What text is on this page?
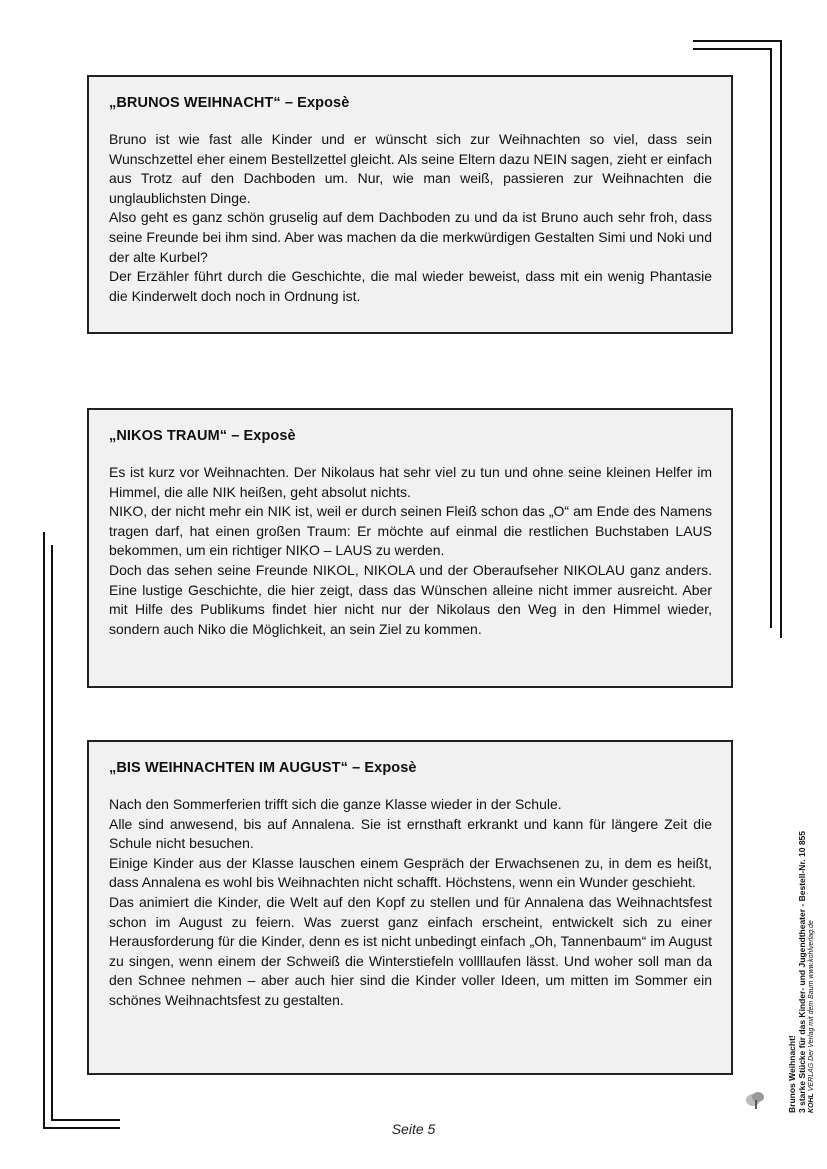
„BRUNOS WEIHNACHT“ – Exposè

Bruno ist wie fast alle Kinder und er wünscht sich zur Weihnachten so viel, dass sein Wunschzettel eher einem Bestellzettel gleicht. Als seine Eltern dazu NEIN sagen, zieht er einfach aus Trotz auf den Dachboden um. Nur, wie man weiß, passieren zur Weihnachten die unglaublichsten Dinge.

Also geht es ganz schön gruselig auf dem Dachboden zu und da ist Bruno auch sehr froh, dass seine Freunde bei ihm sind. Aber was machen da die merkwürdigen Gestalten Simi und Noki und der alte Kurbel?

Der Erzähler führt durch die Geschichte, die mal wieder beweist, dass mit ein wenig Phantasie die Kinderwelt doch noch in Ordnung ist.

„NIKOS TRAUM“ – Exposè

Es ist kurz vor Weihnachten. Der Nikolaus hat sehr viel zu tun und ohne seine kleinen Helfer im Himmel, die alle NIK heißen, geht absolut nichts.

NIKO, der nicht mehr ein NIK ist, weil er durch seinen Fleiß schon das „O“ am Ende des Namens tragen darf, hat einen großen Traum: Er möchte auf einmal die restlichen Buchstaben LAUS bekommen, um ein richtiger NIKO – LAUS zu werden.

Doch das sehen seine Freunde NIKOL, NIKOLA und der Oberaufseher NIKOLAU ganz anders. Eine lustige Geschichte, die hier zeigt, dass das Wünschen alleine nicht immer ausreicht. Aber mit Hilfe des Publikums findet hier nicht nur der Nikolaus den Weg in den Himmel wieder, sondern auch Niko die Möglichkeit, an sein Ziel zu kommen.

„BIS WEIHNACHTEN IM AUGUST“ – Exposè

Nach den Sommerferien trifft sich die ganze Klasse wieder in der Schule.

Alle sind anwesend, bis auf Annalena. Sie ist ernsthaft erkrankt und kann für längere Zeit die Schule nicht besuchen.

Einige Kinder aus der Klasse lauschen einem Gespräch der Erwachsenen zu, in dem es heißt, dass Annalena es wohl bis Weihnachten nicht schafft. Höchstens, wenn ein Wunder geschieht.

Das animiert die Kinder, die Welt auf den Kopf zu stellen und für Annalena das Weihnachtsfest schon im August zu feiern. Was zuerst ganz einfach erscheint, entwickelt sich zu einer Herausforderung für die Kinder, denn es ist nicht unbedingt einfach „Oh, Tannenbaum“ im August zu singen, wenn einem der Schweiß die Winterstiefeln vollllaufen lässt. Und woher soll man da den Schnee nehmen – aber auch hier sind die Kinder voller Ideen, um mitten im Sommer ein schönes Weihnachtsfest zu gestalten.

Brunos Weihnacht! 3 starke Stücke für das Kinder- und Jugendtheater - Bestell-Nr. 10 855 KOHL VERLAG Der Verlag mit dem Baum www.kohlverlag.de
Seite 5
